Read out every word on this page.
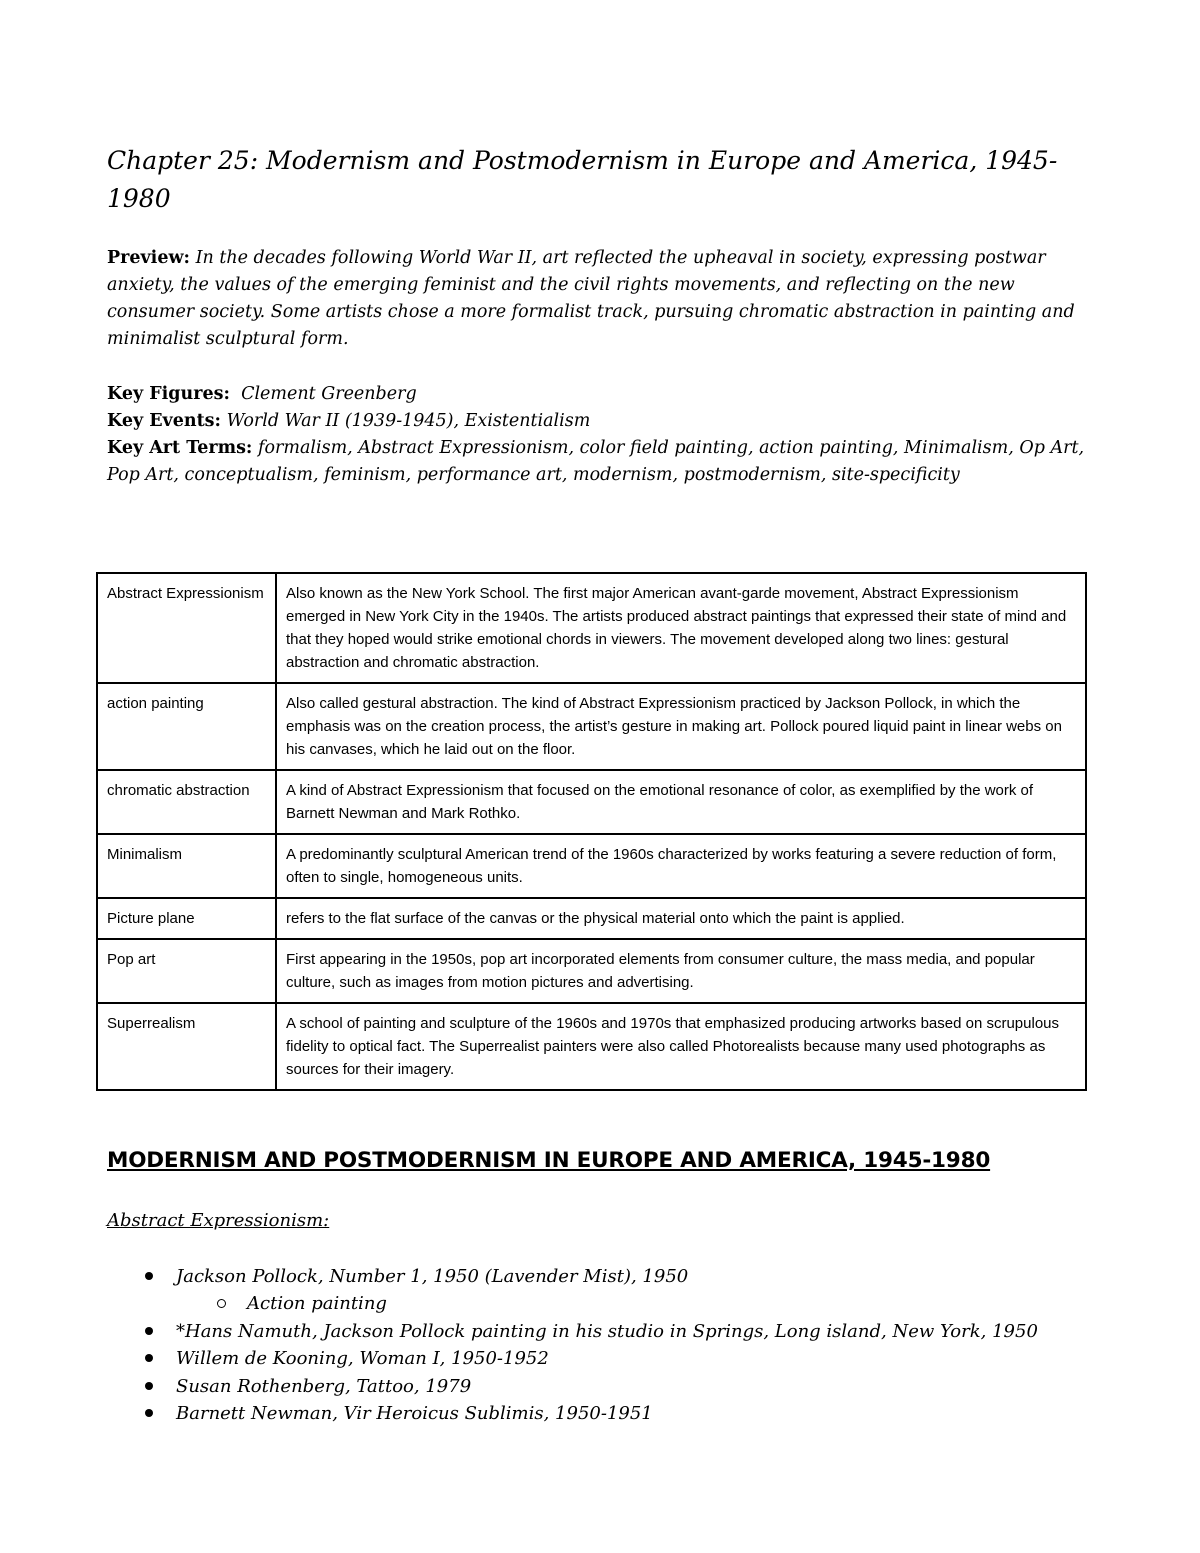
Chapter 25: Modernism and Postmodernism in Europe and America, 1945-1980

Preview: In the decades following World War II, art reflected the upheaval in society, expressing postwar anxiety, the values of the emerging feminist and the civil rights movements, and reflecting on the new consumer society. Some artists chose a more formalist track, pursuing chromatic abstraction in painting and minimalist sculptural form.

Key Figures: Clement Greenberg

Key Events: World War II (1939-1945), Existentialism

Key Art Terms: formalism, Abstract Expressionism, color field painting, action painting, Minimalism, Op Art, Pop Art, conceptualism, feminism, performance art, modernism, postmodernism, site-specificity

Abstract Expressionism	Also known as the New York School. The first major American avant-garde movement, Abstract Expressionism emerged in New York City in the 1940s. The artists produced abstract paintings that expressed their state of mind and that they hoped would strike emotional chords in viewers. The movement developed along two lines: gestural abstraction and chromatic abstraction.
action painting	Also called gestural abstraction. The kind of Abstract Expressionism practiced by Jackson Pollock, in which the emphasis was on the creation process, the artist’s gesture in making art. Pollock poured liquid paint in linear webs on his canvases, which he laid out on the floor.
chromatic abstraction	A kind of Abstract Expressionism that focused on the emotional resonance of color, as exemplified by the work of Barnett Newman and Mark Rothko.
Minimalism	A predominantly sculptural American trend of the 1960s characterized by works featuring a severe reduction of form, often to single, homogeneous units.
Picture plane	refers to the flat surface of the canvas or the physical material onto which the paint is applied.
Pop art	First appearing in the 1950s, pop art incorporated elements from consumer culture, the mass media, and popular culture, such as images from motion pictures and advertising.
Superrealism	A school of painting and sculpture of the 1960s and 1970s that emphasized producing artworks based on scrupulous fidelity to optical fact. The Superrealist painters were also called Photorealists because many used photographs as sources for their imagery.
MODERNISM AND POSTMODERNISM IN EUROPE AND AMERICA, 1945-1980

Abstract Expressionism:

Jackson Pollock, Number 1, 1950 (Lavender Mist), 1950
Action painting
*Hans Namuth, Jackson Pollock painting in his studio in Springs, Long island, New York, 1950
Willem de Kooning, Woman I, 1950-1952
Susan Rothenberg, Tattoo, 1979
Barnett Newman, Vir Heroicus Sublimis, 1950-1951
